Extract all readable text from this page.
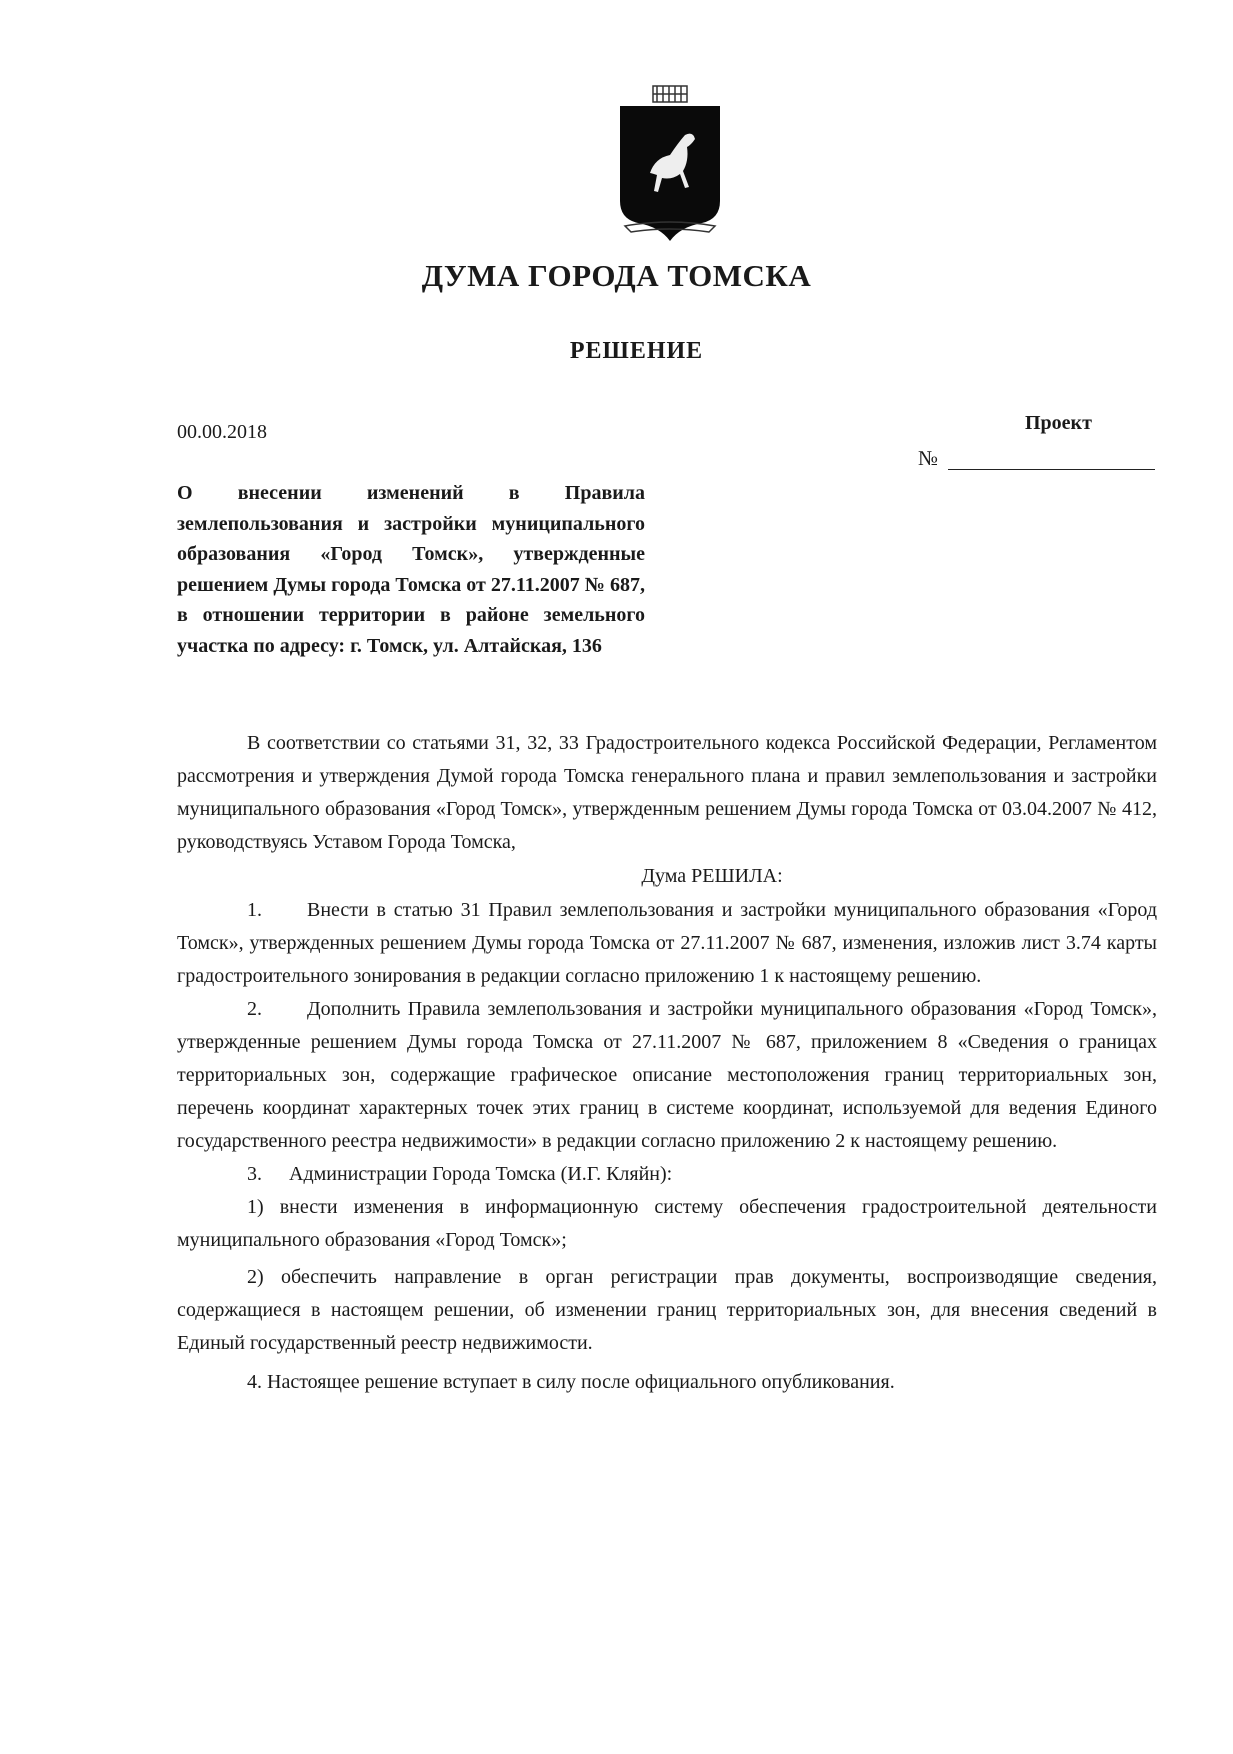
ДУМА ГОРОДА ТОМСКА
РЕШЕНИЕ
00.00.2018	Проект
№
О внесении изменений в Правила землепользования и застройки муниципального образования «Город Томск», утвержденные решением Думы города Томска от 27.11.2007 № 687, в отношении территории в районе земельного участка по адресу: г. Томск, ул. Алтайская, 136

В соответствии со статьями 31, 32, 33 Градостроительного кодекса Российской Федерации, Регламентом рассмотрения и утверждения Думой города Томска генерального плана и правил землепользования и застройки муниципального образования «Город Томск», утвержденным решением Думы города Томска от 03.04.2007 № 412, руководствуясь Уставом Города Томска,

Дума РЕШИЛА:

1. Внести в статью 31 Правил землепользования и застройки муниципального образования «Город Томск», утвержденных решением Думы города Томска от 27.11.2007 № 687, изменения, изложив лист 3.74 карты градостроительного зонирования в редакции согласно приложению 1 к настоящему решению.

2. Дополнить Правила землепользования и застройки муниципального образования «Город Томск», утвержденные решением Думы города Томска от 27.11.2007 № 687, приложением 8 «Сведения о границах территориальных зон, содержащие графическое описание местоположения границ территориальных зон, перечень координат характерных точек этих границ в системе координат, используемой для ведения Единого государственного реестра недвижимости» в редакции согласно приложению 2 к настоящему решению.

3. Администрации Города Томска (И.Г. Кляйн):

1) внести изменения в информационную систему обеспечения градостроительной деятельности муниципального образования «Город Томск»;

2) обеспечить направление в орган регистрации прав документы, воспроизводящие сведения, содержащиеся в настоящем решении, об изменении границ территориальных зон, для внесения сведений в Единый государственный реестр недвижимости.

4. Настоящее решение вступает в силу после официального опубликования.
